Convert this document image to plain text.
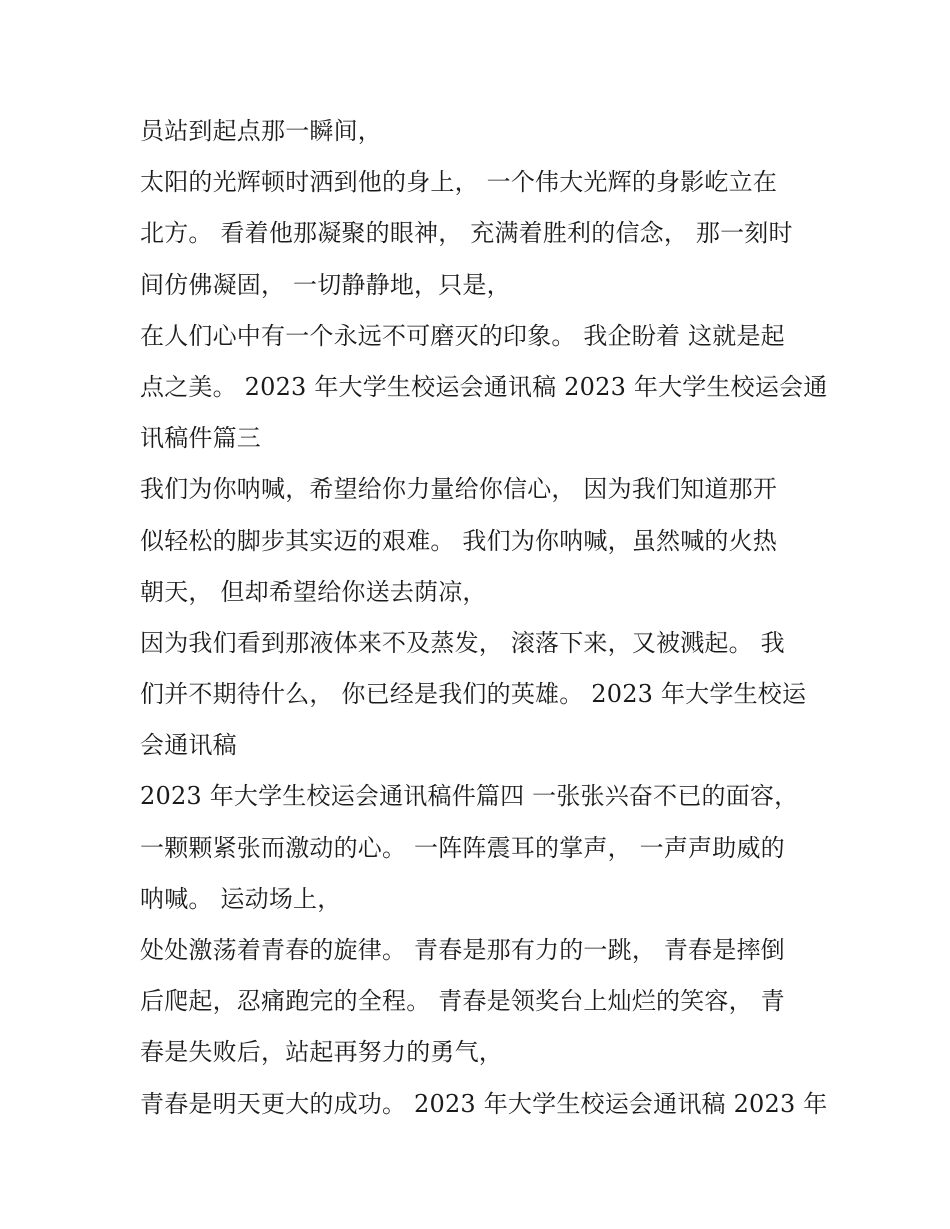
员站到起点那一瞬间，
太阳的光辉顿时洒到他的身上， 一个伟大光辉的身影屹立在
北方。 看着他那凝聚的眼神， 充满着胜利的信念， 那一刻时
间仿佛凝固， 一切静静地，只是，
在人们心中有一个永远不可磨灭的印象。 我企盼着 这就是起
点之美。 2023 年大学生校运会通讯稿 2023 年大学生校运会通
讯稿件篇三
我们为你呐喊，希望给你力量给你信心， 因为我们知道那开
似轻松的脚步其实迈的艰难。 我们为你呐喊，虽然喊的火热
朝天， 但却希望给你送去荫凉，
因为我们看到那液体来不及蒸发， 滚落下来，又被溅起。 我
们并不期待什么， 你已经是我们的英雄。 2023 年大学生校运
会通讯稿
2023 年大学生校运会通讯稿件篇四 一张张兴奋不已的面容，
一颗颗紧张而激动的心。 一阵阵震耳的掌声， 一声声助威的
呐喊。 运动场上，
处处激荡着青春的旋律。 青春是那有力的一跳， 青春是摔倒
后爬起，忍痛跑完的全程。 青春是领奖台上灿烂的笑容， 青
春是失败后，站起再努力的勇气，
青春是明天更大的成功。 2023 年大学生校运会通讯稿 2023 年
